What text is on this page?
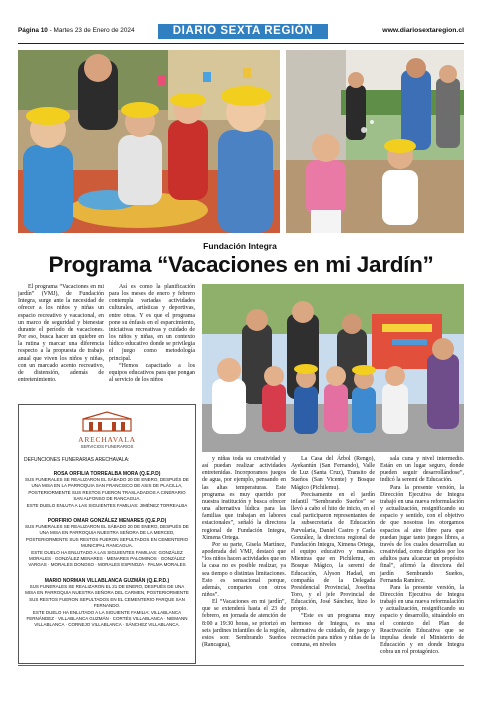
Página 10 - Martes 23 de Enero de 2024	DIARIO SEXTA REGIÓN	www.diariosextaregion.cl
Fundación Integra
Programa “Vacaciones en mi Jardín”

El programa “Vacaciones en mi jardín” (VMJ), de Fundación Integra, surge ante la necesidad de ofrecer a los niños y niñas un espacio recreativo y vacacional, en un marco de seguridad y bienestar durante el período de vacaciones. Por eso, busca hacer un quiebre en la rutina y marcar una diferencia respecto a la propuesta de trabajo anual que viven los niños y niñas, con un marcado acento recreativo, de distensión, además de entretenimiento.

Así es como la planificación para los meses de enero y febrero contempla variadas actividades culturales, artísticas y deportivas, entre otras. Y es que el programa pone su énfasis en el esparcimiento, iniciativas recreativas y cuidado de los niños y niñas, en un contexto lúdico educativo donde se privilegia el juego como metodología principal.

“Hemos capacitado a los equipos educativos para que pongan al servicio de los niños

y niñas toda su creatividad y así puedan realizar actividades entretenidas. Incorporamos juegos de agua, por ejemplo, pensando en las altas temperaturas. Este programa es muy querido por nuestra institución y busca ofrecer una alternativa lúdica para las familias que trabajan en labores estacionales”, señaló la directora regional de Fundación Integra, Ximena Ortega.

Por su parte, Gisela Martínez, apoderada del VMJ, destacó que “los niños hacen actividades que en la casa no es posible realizar, ya sea tiempo o distintas limitaciones. Esto es sensacional porque, además, compartes con otros niños”.

El “Vacaciones en mi jardín”, que se extenderá hasta el 23 de febrero, en jornada de atención de 8:00 a 19:30 horas, se priorizó en seis jardines infantiles de la región, estos son: Sembrando Sueños (Rancagua),

La Casa del Árbol (Rengo), Ayekantún (San Fernando), Valle de Luz (Santa Cruz), Transito de Sueños (San Vicente) y Bosque Mágico (Pichilemu).

Precisamente en el jardín infantil “Sembrando Sueños” se llevó a cabo el hito de inicio, en el cual participaron representantes de la subsecretaría de Educación Parvularia, Daniel Castro y Carla González, la directora regional de Fundación Integra, Ximena Ortega, el equipo educativo y mamás. Mientras que en Pichilemu, en Bosque Mágico, la seremi de Educación, Alyson Hadad, en compañía de la Delegada Presidencial Provincial, Josefina Toro, y el jefe Provincial de Educación, José Sánchez, hizo lo propio.

“Este es un programa muy hermoso de Integra, es una alternativa de cuidado, de juego y recreación para niños y niñas de la comuna, en niveles

sala cuna y nivel intermedio. Están en un lugar seguro, donde pueden seguir desarrollándose”, indicó la seremi de Educación.

Para la presente versión, la Dirección Ejecutiva de Integra trabajó en una nueva reformulación y actualización, resignificando su espacio y sentido, con el objetivo de que nosotras les otorgamos espacios al aire libre para que puedan jugar tanto juegos libres, a través de los cuales desarrollan su creatividad, como dirigidos por los adultos para alcanzar un propósito final”, afirmó la directora del jardín Sembrando Sueños, Fernanda Ramírez.

Para la presente versión, la Dirección Ejecutiva de Integra trabajó en una nueva reformulación y actualización, resignificando su espacio y desarrollo, situándolo en el contexto del Plan de Reactivación Educativa que se impulsa desde el Ministerio de Educación y en donde Integra cobra un rol protagónico.

ARECHAVALA
SERVICIOS FUNERARIOS
DEFUNCIONES FUNERARIAS ARECHAVALA:
ROSA ORFILIA TORREALBA MORA (Q.E.P.D)
SUS FUNERALES SE REALIZARON EL SÁBADO 20 DE ENERO, DESPUÉS DE UNA MISA EN LA PARROQUIA SAN FRANCISCO DE ASIS DE PLACILLA, POSTERIORMENTE SUS RESTOS FUERON TRASLADADOS A CINERARIO SAN ALFONSO DE RANCAGUA.
ESTE DUELO ENLUTA A LAS SIGUIENTES FAMILIAS: JIMÉNEZ TORREALBA
PORFIRIO OMAR GONZÁLEZ MENARES (Q.E.P.D)
SUS FUNERALES SE REALIZARON EL SÁBADO 20 DE ENERO, DESPUÉS DE UNA MISA EN PARROQUIA NUESTRA SEÑORA DE LA MERCED, POSTERIORMENTE SUS RESTOS FUERON SEPULTADOS EN CEMENTERIO MUNICIPAL RANCAGUA.
ESTE DUELO HA ENLUTADO A LAS SIGUIENTES FAMILIAS: GONZÁLEZ MORALES · GONZÁLEZ MENARES · MENARES PALOMINOS · GONZÁLEZ VARGAS · MORALES DONOSO · MORALES ESPINOZA · PALMA MORALES
MARIO NORMAN VILLABLANCA GUZMÁN (Q.E.P.D.)
SUS FUNERALES SE REALIZARON EL 21 DE ENERO, DESPUÉS DE UNA MISA EN PARROQUIA NUESTRA SEÑORA DEL CARMEN, POSTERIORMENTE SUS RESTOS FUERON SEPULTADOS EN EL CEMENTERIO PARQUE SAN FERNANDO.
ESTE DUELO HA ENLUTADO A LA SIGUIENTE FAMILIA: VILLABLANCA FERNÁNDEZ · VILLABLANCA GUZMÁN · CORTÉS VILLABLANCA · NIEMANN VILLABLANCA · CORNEJO VILLABLANCA · SÁNCHEZ VILLABLANCA.
